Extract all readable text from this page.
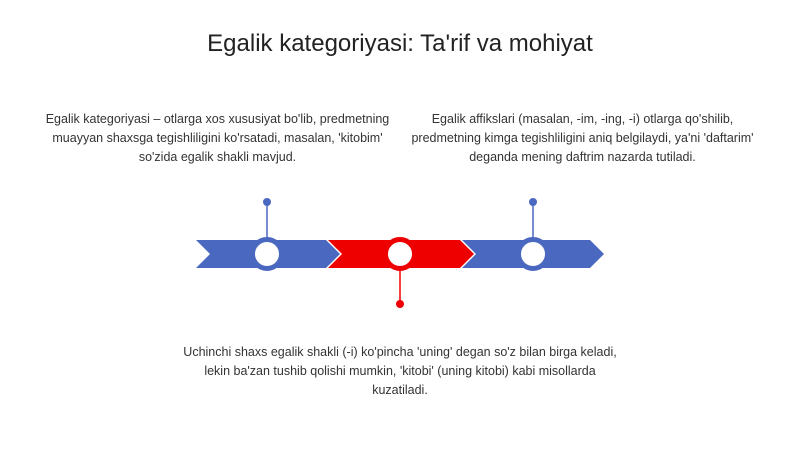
Egalik kategoriyasi: Ta'rif va mohiyat
Egalik kategoriyasi – otlarga xos xususiyat bo'lib, predmetning muayyan shaxsga tegishliligini ko'rsatadi, masalan, 'kitobim' so'zida egalik shakli mavjud.
Egalik affikslari (masalan, -im, -ing, -i) otlarga qo'shilib, predmetning kimga tegishliligini aniq belgilaydi, ya'ni 'daftarim' deganda mening daftrim nazarda tutiladi.
Uchinchi shaxs egalik shakli (-i) ko'pincha 'uning' degan so'z bilan birga keladi, lekin ba'zan tushib qolishi mumkin, 'kitobi' (uning kitobi) kabi misollarda kuzatiladi.
